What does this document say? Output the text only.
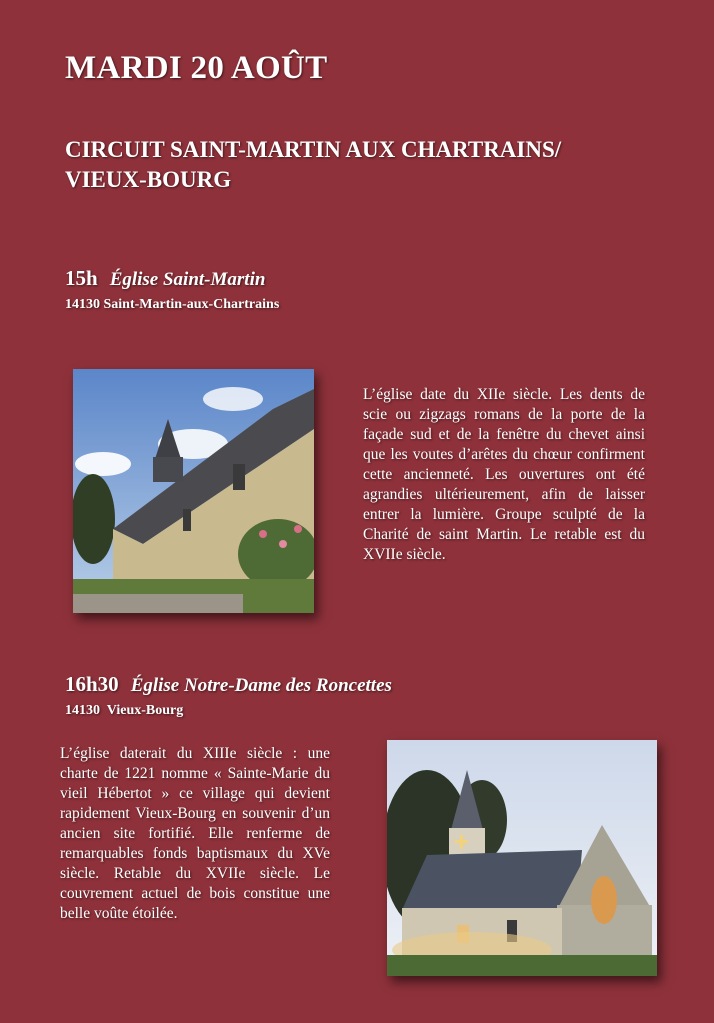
MARDI 20 AOÛT
CIRCUIT SAINT-MARTIN AUX CHARTRAINS/
VIEUX-BOURG
15h Église Saint-Martin
14130 Saint-Martin-aux-Chartrains

L’église date du XIIe siècle. Les dents de scie ou zigzags romans de la porte de la façade sud et de la fenêtre du chevet ainsi que les voutes d’arêtes du chœur confirment cette ancienneté. Les ouvertures ont été agrandies ultérieurement, afin de laisser entrer la lumière. Groupe sculpté de la Charité de saint Martin. Le retable est du XVIIe siècle.

16h30 Église Notre-Dame des Roncettes
14130  Vieux-Bourg

L’église daterait du XIIIe siècle : une charte de 1221 nomme « Sainte-Marie du vieil Hébertot » ce village qui devient rapidement Vieux-Bourg en souvenir d’un ancien site fortifié. Elle renferme de remarquables fonds baptismaux du XVe siècle. Retable du XVIIe siècle. Le couvrement actuel de bois constitue une belle voûte étoilée.
